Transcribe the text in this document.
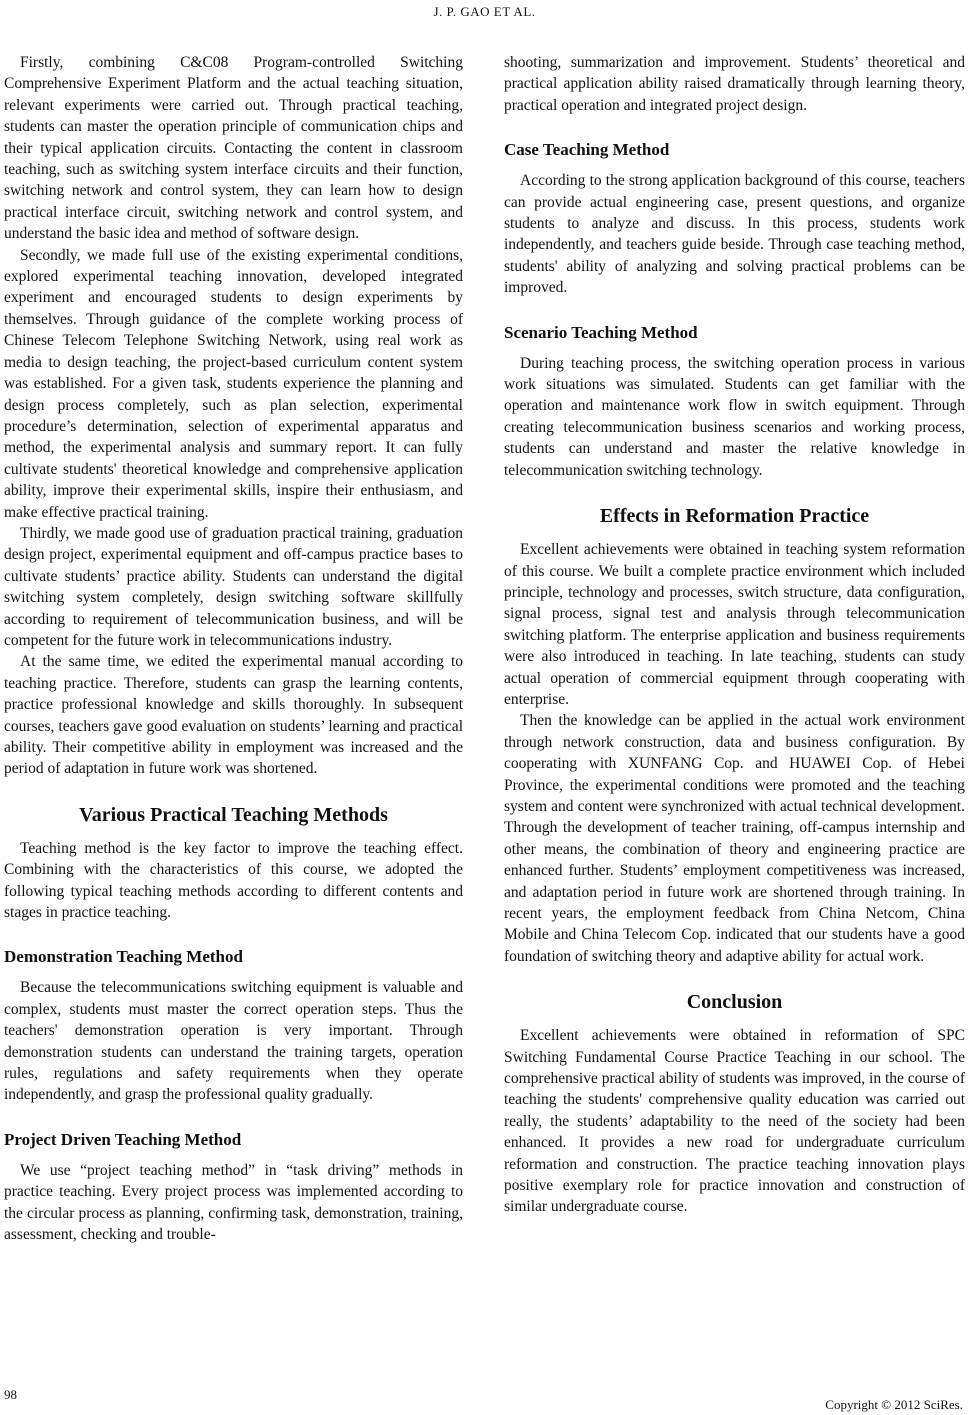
J. P. GAO ET AL.

Firstly, combining C&C08 Program-controlled Switching Comprehensive Experiment Platform and the actual teaching situation, relevant experiments were carried out. Through practical teaching, students can master the operation principle of communication chips and their typical application circuits. Contacting the content in classroom teaching, such as switching system interface circuits and their function, switching network and control system, they can learn how to design practical interface circuit, switching network and control system, and understand the basic idea and method of software design.

Secondly, we made full use of the existing experimental conditions, explored experimental teaching innovation, developed integrated experiment and encouraged students to design experiments by themselves. Through guidance of the complete working process of Chinese Telecom Telephone Switching Network, using real work as media to design teaching, the project-based curriculum content system was established. For a given task, students experience the planning and design process completely, such as plan selection, experimental procedure’s determination, selection of experimental apparatus and method, the experimental analysis and summary report. It can fully cultivate students' theoretical knowledge and comprehensive application ability, improve their experimental skills, inspire their enthusiasm, and make effective practical training.

Thirdly, we made good use of graduation practical training, graduation design project, experimental equipment and off-campus practice bases to cultivate students’ practice ability. Students can understand the digital switching system completely, design switching software skillfully according to requirement of telecommunication business, and will be competent for the future work in telecommunications industry.

At the same time, we edited the experimental manual according to teaching practice. Therefore, students can grasp the learning contents, practice professional knowledge and skills thoroughly. In subsequent courses, teachers gave good evaluation on students’ learning and practical ability. Their competitive ability in employment was increased and the period of adaptation in future work was shortened.

Various Practical Teaching Methods

Teaching method is the key factor to improve the teaching effect. Combining with the characteristics of this course, we adopted the following typical teaching methods according to different contents and stages in practice teaching.

Demonstration Teaching Method

Because the telecommunications switching equipment is valuable and complex, students must master the correct operation steps. Thus the teachers' demonstration operation is very important. Through demonstration students can understand the training targets, operation rules, regulations and safety requirements when they operate independently, and grasp the professional quality gradually.

Project Driven Teaching Method

We use “project teaching method” in “task driving” methods in practice teaching. Every project process was implemented according to the circular process as planning, confirming task, demonstration, training, assessment, checking and trouble-

shooting, summarization and improvement. Students’ theoretical and practical application ability raised dramatically through learning theory, practical operation and integrated project design.

Case Teaching Method

According to the strong application background of this course, teachers can provide actual engineering case, present questions, and organize students to analyze and discuss. In this process, students work independently, and teachers guide beside. Through case teaching method, students' ability of analyzing and solving practical problems can be improved.

Scenario Teaching Method

During teaching process, the switching operation process in various work situations was simulated. Students can get familiar with the operation and maintenance work flow in switch equipment. Through creating telecommunication business scenarios and working process, students can understand and master the relative knowledge in telecommunication switching technology.

Effects in Reformation Practice

Excellent achievements were obtained in teaching system reformation of this course. We built a complete practice environment which included principle, technology and processes, switch structure, data configuration, signal process, signal test and analysis through telecommunication switching platform. The enterprise application and business requirements were also introduced in teaching. In late teaching, students can study actual operation of commercial equipment through cooperating with enterprise.

Then the knowledge can be applied in the actual work environment through network construction, data and business configuration. By cooperating with XUNFANG Cop. and HUAWEI Cop. of Hebei Province, the experimental conditions were promoted and the teaching system and content were synchronized with actual technical development. Through the development of teacher training, off-campus internship and other means, the combination of theory and engineering practice are enhanced further. Students’ employment competitiveness was increased, and adaptation period in future work are shortened through training. In recent years, the employment feedback from China Netcom, China Mobile and China Telecom Cop. indicated that our students have a good foundation of switching theory and adaptive ability for actual work.

Conclusion

Excellent achievements were obtained in reformation of SPC Switching Fundamental Course Practice Teaching in our school. The comprehensive practical ability of students was improved, in the course of teaching the students' comprehensive quality education was carried out really, the students’ adaptability to the need of the society had been enhanced. It provides a new road for undergraduate curriculum reformation and construction. The practice teaching innovation plays positive exemplary role for practice innovation and construction of similar undergraduate course.

98
Copyright © 2012 SciRes.
